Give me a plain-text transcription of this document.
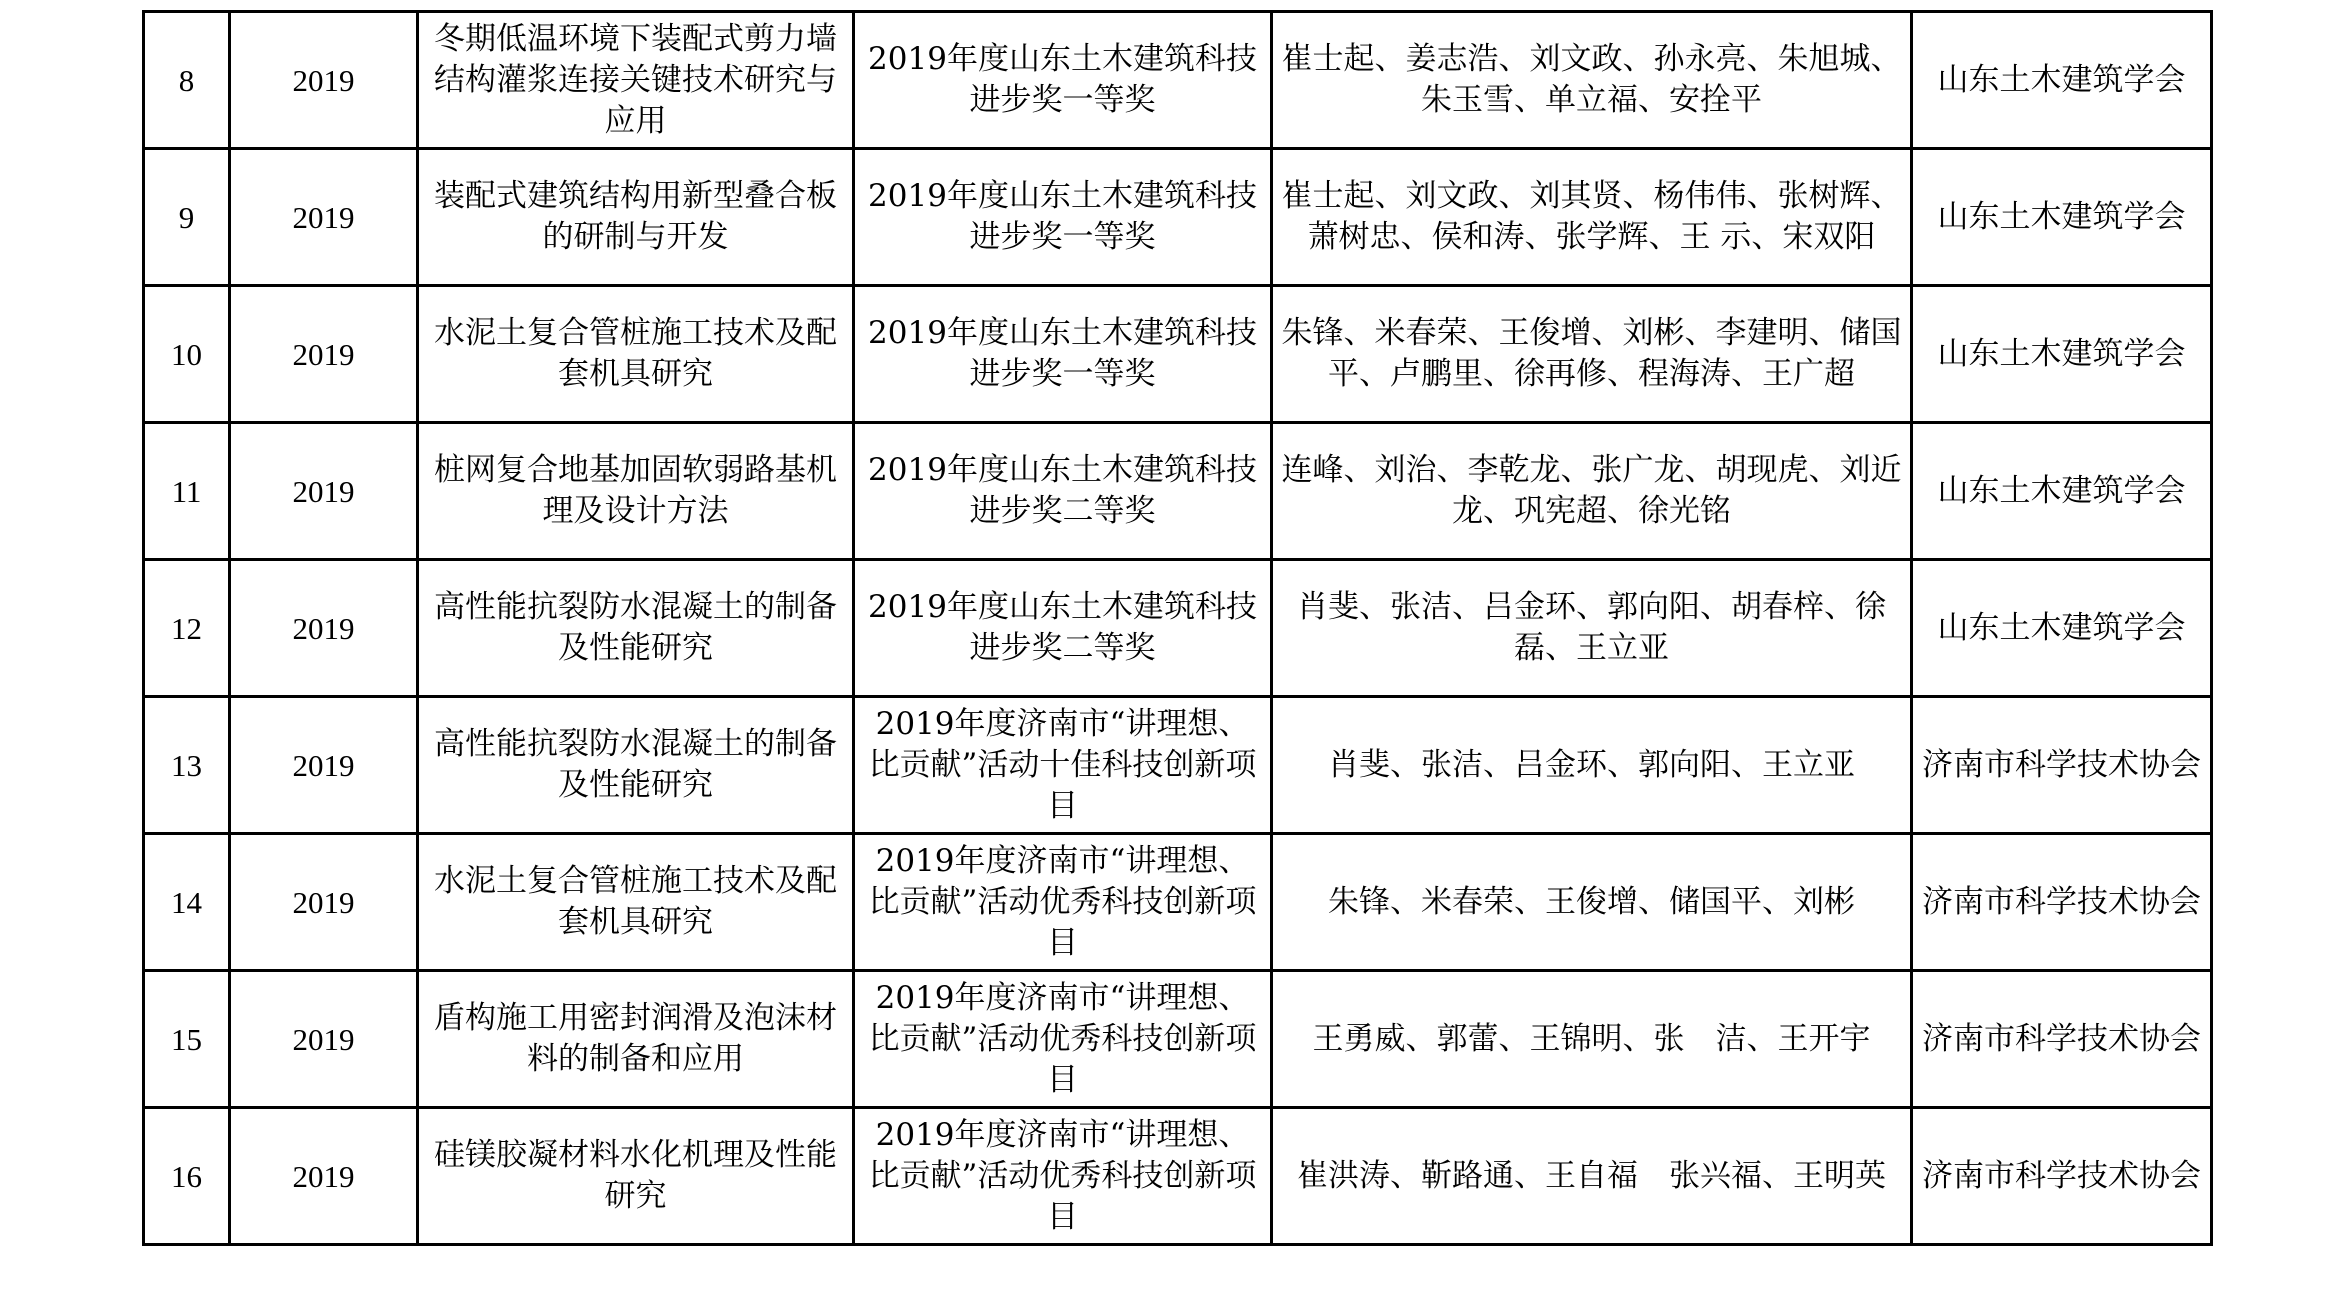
8	2019	冬期低温环境下装配式剪力墙结构灌浆连接关键技术研究与应用	2019年度山东土木建筑科技进步奖一等奖	崔士起、姜志浩、刘文政、孙永亮、朱旭城、朱玉雪、单立福、安拴平	山东土木建筑学会
9	2019	装配式建筑结构用新型叠合板的研制与开发	2019年度山东土木建筑科技进步奖一等奖	崔士起、刘文政、刘其贤、杨伟伟、张树辉、萧树忠、侯和涛、张学辉、王 示、宋双阳	山东土木建筑学会
10	2019	水泥土复合管桩施工技术及配套机具研究	2019年度山东土木建筑科技进步奖一等奖	朱锋、米春荣、王俊增、刘彬、李建明、储国平、卢鹏里、徐再修、程海涛、王广超	山东土木建筑学会
11	2019	桩网复合地基加固软弱路基机理及设计方法	2019年度山东土木建筑科技进步奖二等奖	连峰、刘治、李乾龙、张广龙、胡现虎、刘近龙、巩宪超、徐光铭	山东土木建筑学会
12	2019	高性能抗裂防水混凝土的制备及性能研究	2019年度山东土木建筑科技进步奖二等奖	肖斐、张洁、吕金环、郭向阳、胡春梓、徐磊、王立亚	山东土木建筑学会
13	2019	高性能抗裂防水混凝土的制备及性能研究	2019年度济南市“讲理想、比贡献”活动十佳科技创新项目	肖斐、张洁、吕金环、郭向阳、王立亚	济南市科学技术协会
14	2019	水泥土复合管桩施工技术及配套机具研究	2019年度济南市“讲理想、比贡献”活动优秀科技创新项目	朱锋、米春荣、王俊增、储国平、刘彬	济南市科学技术协会
15	2019	盾构施工用密封润滑及泡沫材料的制备和应用	2019年度济南市“讲理想、比贡献”活动优秀科技创新项目	王勇威、郭蕾、王锦明、张　洁、王开宇	济南市科学技术协会
16	2019	硅镁胶凝材料水化机理及性能研究	2019年度济南市“讲理想、比贡献”活动优秀科技创新项目	崔洪涛、靳路通、王自福　张兴福、王明英	济南市科学技术协会
